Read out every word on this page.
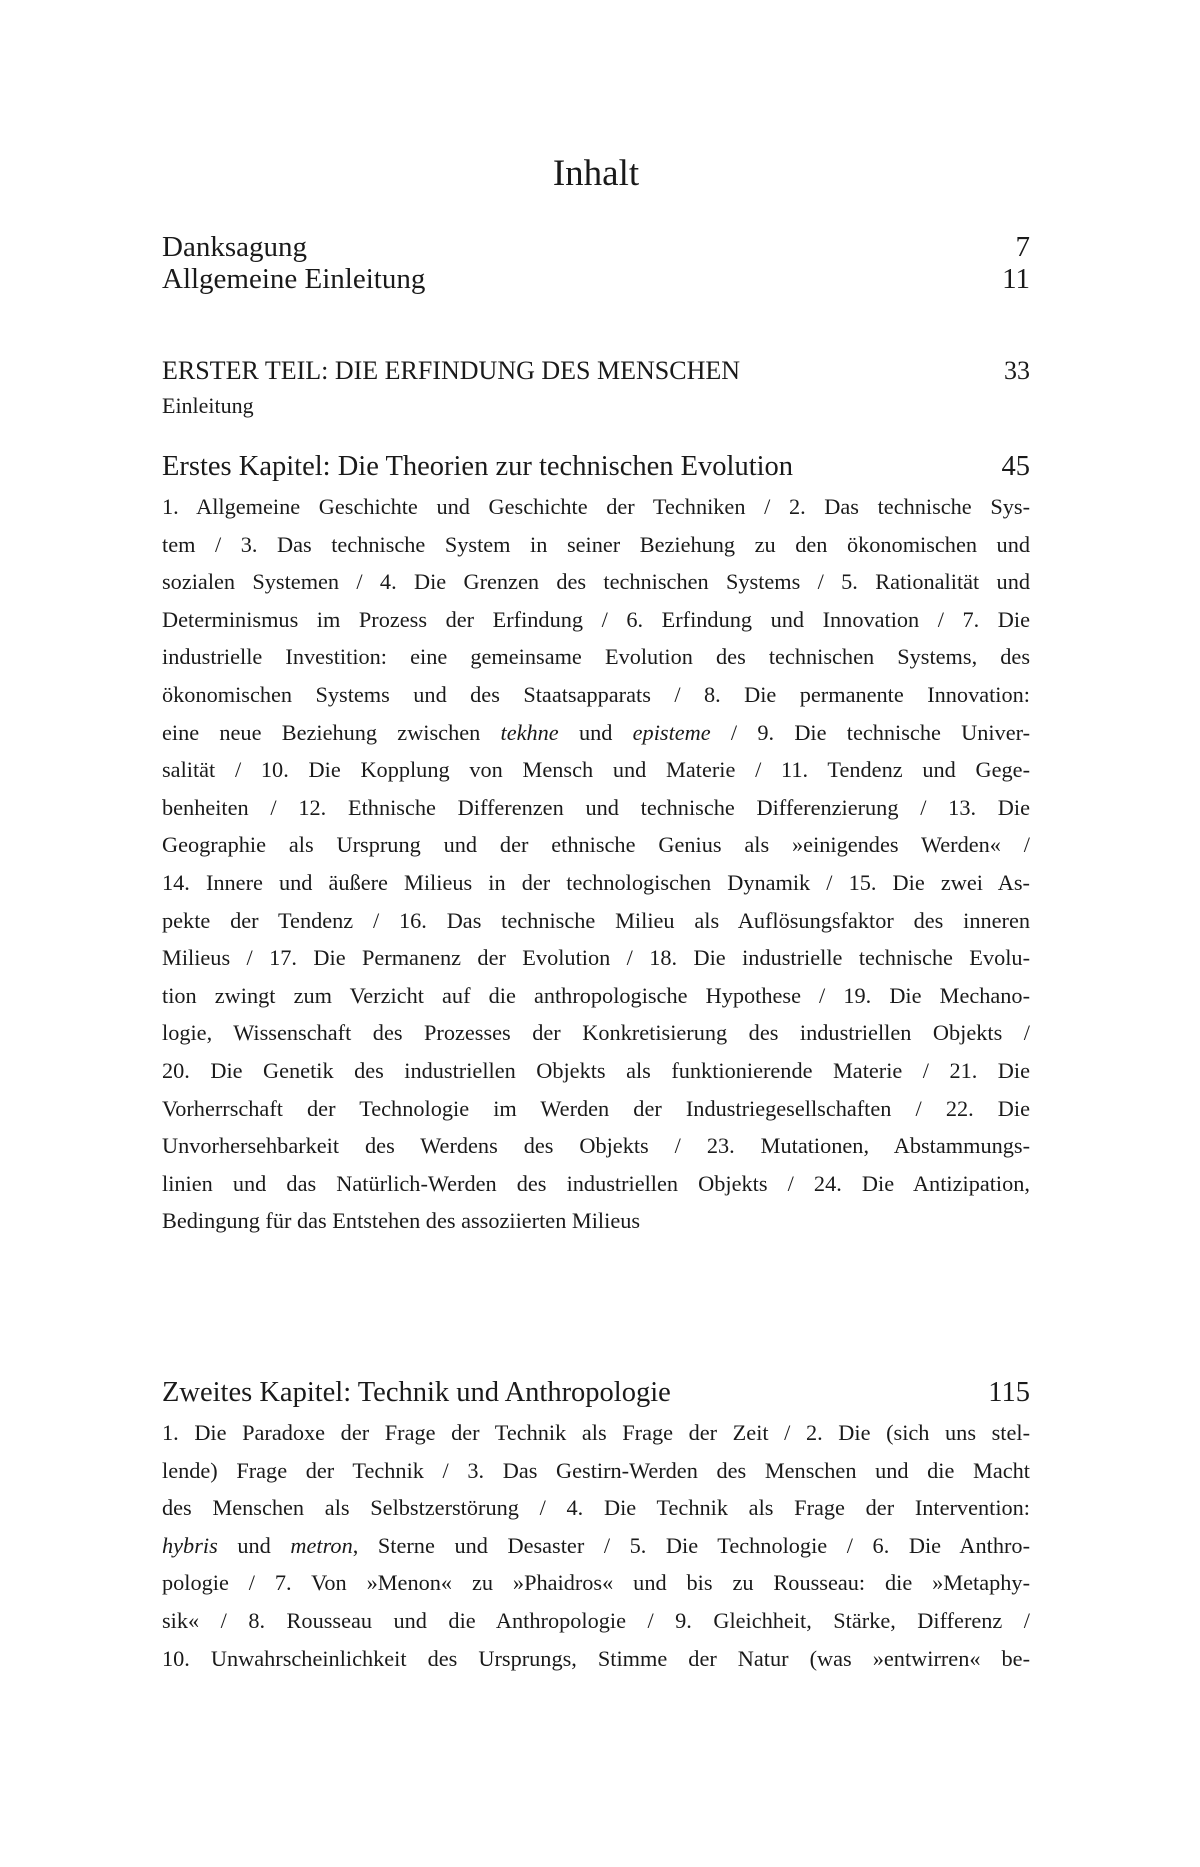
Inhalt
Danksagung	7
Allgemeine Einleitung	11
ERSTER TEIL: DIE ERFINDUNG DES MENSCHEN	33
Einleitung
Erstes Kapitel: Die Theorien zur technischen Evolution	45
1. Allgemeine Geschichte und Geschichte der Techniken / 2. Das technische Sys-
tem / 3. Das technische System in seiner Beziehung zu den ökonomischen und
sozialen Systemen / 4. Die Grenzen des technischen Systems / 5. Rationalität und
Determinismus im Prozess der Erfindung / 6. Erfindung und Innovation / 7. Die
industrielle Investition: eine gemeinsame Evolution des technischen Systems, des
ökonomischen Systems und des Staatsapparats / 8. Die permanente Innovation:
eine neue Beziehung zwischen tekhne und episteme / 9. Die technische Univer-
salität / 10. Die Kopplung von Mensch und Materie / 11. Tendenz und Gege-
benheiten / 12. Ethnische Differenzen und technische Differenzierung / 13. Die
Geographie als Ursprung und der ethnische Genius als »einigendes Werden« /
14. Innere und äußere Milieus in der technologischen Dynamik / 15. Die zwei As-
pekte der Tendenz / 16. Das technische Milieu als Auflösungsfaktor des inneren
Milieus / 17. Die Permanenz der Evolution / 18. Die industrielle technische Evolu-
tion zwingt zum Verzicht auf die anthropologische Hypothese / 19. Die Mechano-
logie, Wissenschaft des Prozesses der Konkretisierung des industriellen Objekts /
20. Die Genetik des industriellen Objekts als funktionierende Materie / 21. Die
Vorherrschaft der Technologie im Werden der Industriegesellschaften / 22. Die
Unvorhersehbarkeit des Werdens des Objekts / 23. Mutationen, Abstammungs-
linien und das Natürlich-Werden des industriellen Objekts / 24. Die Antizipation,
Bedingung für das Entstehen des assoziierten Milieus
Zweites Kapitel: Technik und Anthropologie	115
1. Die Paradoxe der Frage der Technik als Frage der Zeit / 2. Die (sich uns stel-
lende) Frage der Technik / 3. Das Gestirn-Werden des Menschen und die Macht
des Menschen als Selbstzerstörung / 4. Die Technik als Frage der Intervention:
hybris und metron, Sterne und Desaster / 5. Die Technologie / 6. Die Anthro-
pologie / 7. Von »Menon« zu »Phaidros« und bis zu Rousseau: die »Metaphy-
sik« / 8. Rousseau und die Anthropologie / 9. Gleichheit, Stärke, Differenz /
10. Unwahrscheinlichkeit des Ursprungs, Stimme der Natur (was »entwirren« be-
